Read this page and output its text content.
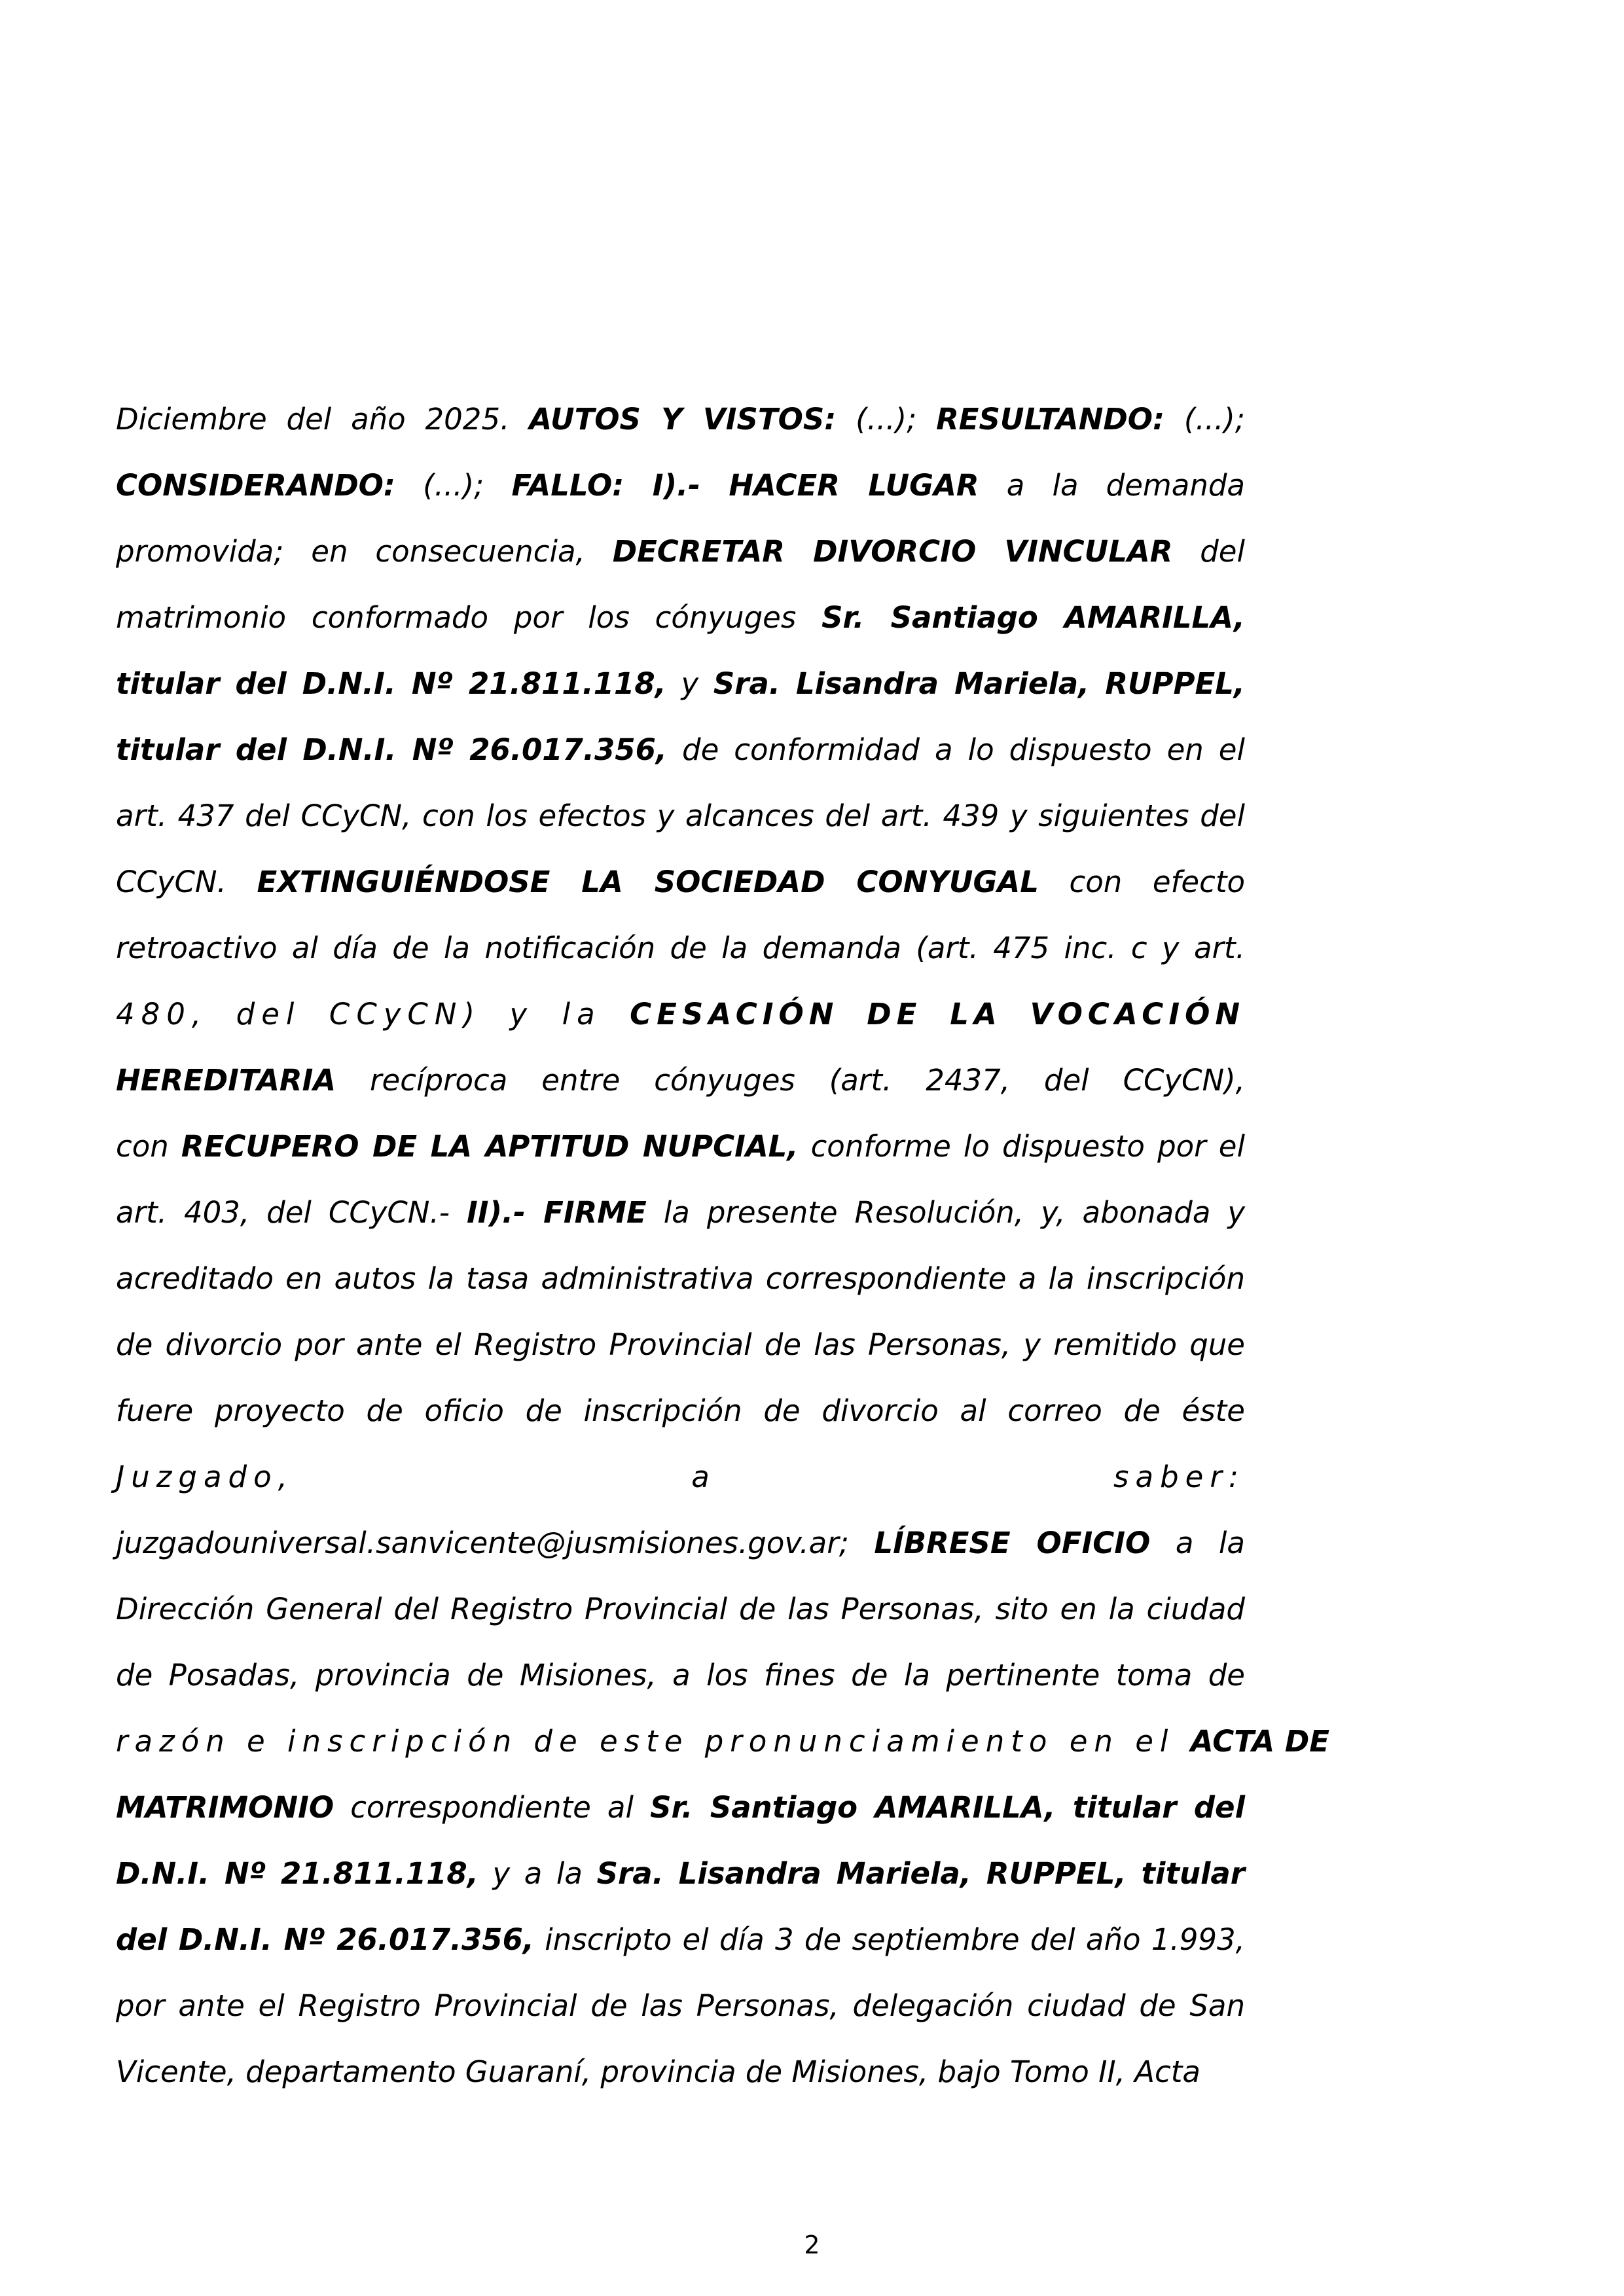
Diciembre del año 2025. AUTOS Y VISTOS: (...); RESULTANDO: (...);
CONSIDERANDO: (...); FALLO: I).- HACER LUGAR a la demanda
promovida; en consecuencia, DECRETAR DIVORCIO VINCULAR del
matrimonio conformado por los cónyuges Sr. Santiago AMARILLA,
titular del D.N.I. Nº 21.811.118, y Sra. Lisandra Mariela, RUPPEL,
titular del D.N.I. Nº 26.017.356, de conformidad a lo dispuesto en el
art. 437 del CCyCN, con los efectos y alcances del art. 439 y siguientes del
CCyCN. EXTINGUIÉNDOSE LA SOCIEDAD CONYUGAL con efecto
retroactivo al día de la notificación de la demanda (art. 475 inc. c y art.
480, del CCyCN) y la CESACIÓN DE LA VOCACIÓN
HEREDITARIA recíproca entre cónyuges (art. 2437, del CCyCN),
con RECUPERO DE LA APTITUD NUPCIAL, conforme lo dispuesto por el
art. 403, del CCyCN.- II).- FIRME la presente Resolución, y, abonada y
acreditado en autos la tasa administrativa correspondiente a la inscripción
de divorcio por ante el Registro Provincial de las Personas, y remitido que
fuere proyecto de oficio de inscripción de divorcio al correo de éste
Juzgado, a saber:
juzgadouniversal.sanvicente@jusmisiones.gov.ar; LÍBRESE OFICIO a la
Dirección General del Registro Provincial de las Personas, sito en la ciudad
de Posadas, provincia de Misiones, a los fines de la pertinente toma de
razón e inscripción de este pronunciamiento en el ACTA DE
MATRIMONIO correspondiente al Sr. Santiago AMARILLA, titular del
D.N.I. Nº 21.811.118, y a la Sra. Lisandra Mariela, RUPPEL, titular
del D.N.I. Nº 26.017.356, inscripto el día 3 de septiembre del año 1.993,
por ante el Registro Provincial de las Personas, delegación ciudad de San
Vicente, departamento Guaraní, provincia de Misiones, bajo Tomo II, Acta
2
